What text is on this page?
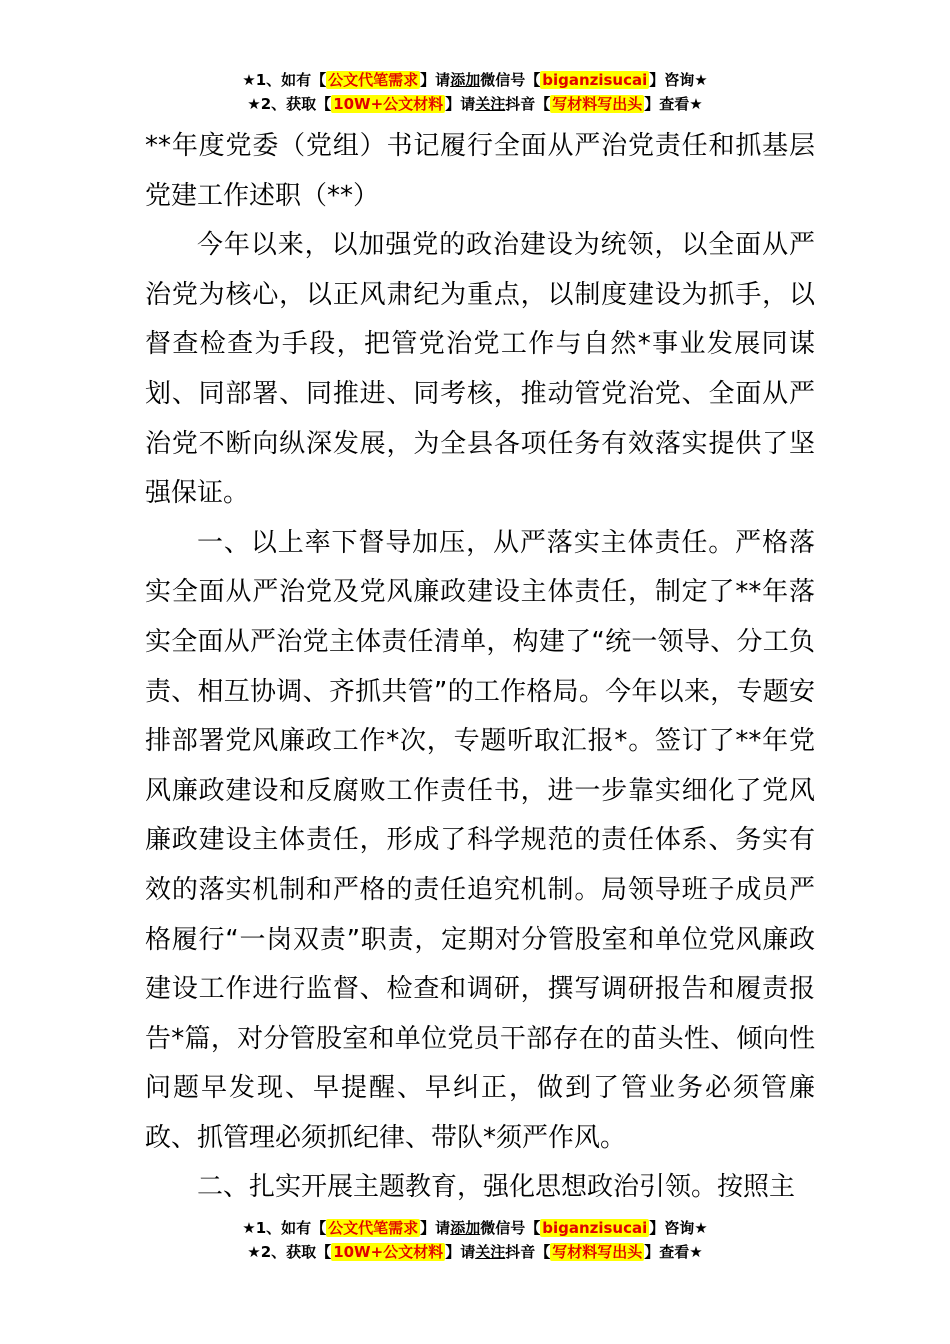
★1、如有【 公文代笔需求 】请添加微信号【 biganzisucai 】咨询★
★2、获取【 10W+公文材料 】请关注抖音【 写材料写出头 】查看★

**年度党委（党组）书记履行全面从严治党责任和抓基层党建工作述职（**）

今年以来，以加强党的政治建设为统领，以全面从严治党为核心，以正风肃纪为重点，以制度建设为抓手，以督查检查为手段，把管党治党工作与自然*事业发展同谋划、同部署、同推进、同考核，推动管党治党、全面从严治党不断向纵深发展，为全县各项任务有效落实提供了坚强保证。

一、以上率下督导加压，从严落实主体责任。严格落实全面从严治党及党风廉政建设主体责任，制定了**年落实全面从严治党主体责任清单，构建了“统一领导、分工负责、相互协调、齐抓共管”的工作格局。今年以来，专题安排部署党风廉政工作*次，专题听取汇报*。签订了**年党风廉政建设和反腐败工作责任书，进一步靠实细化了党风廉政建设主体责任，形成了科学规范的责任体系、务实有效的落实机制和严格的责任追究机制。局领导班子成员严格履行“一岗双责”职责，定期对分管股室和单位党风廉政建设工作进行监督、检查和调研，撰写调研报告和履责报告*篇，对分管股室和单位党员干部存在的苗头性、倾向性问题早发现、早提醒、早纠正，做到了管业务必须管廉政、抓管理必须抓纪律、带队*须严作风。

二、扎实开展主题教育，强化思想政治引领。按照主

★1、如有【 公文代笔需求 】请添加微信号【 biganzisucai 】咨询★
★2、获取【 10W+公文材料 】请关注抖音【 写材料写出头 】查看★
